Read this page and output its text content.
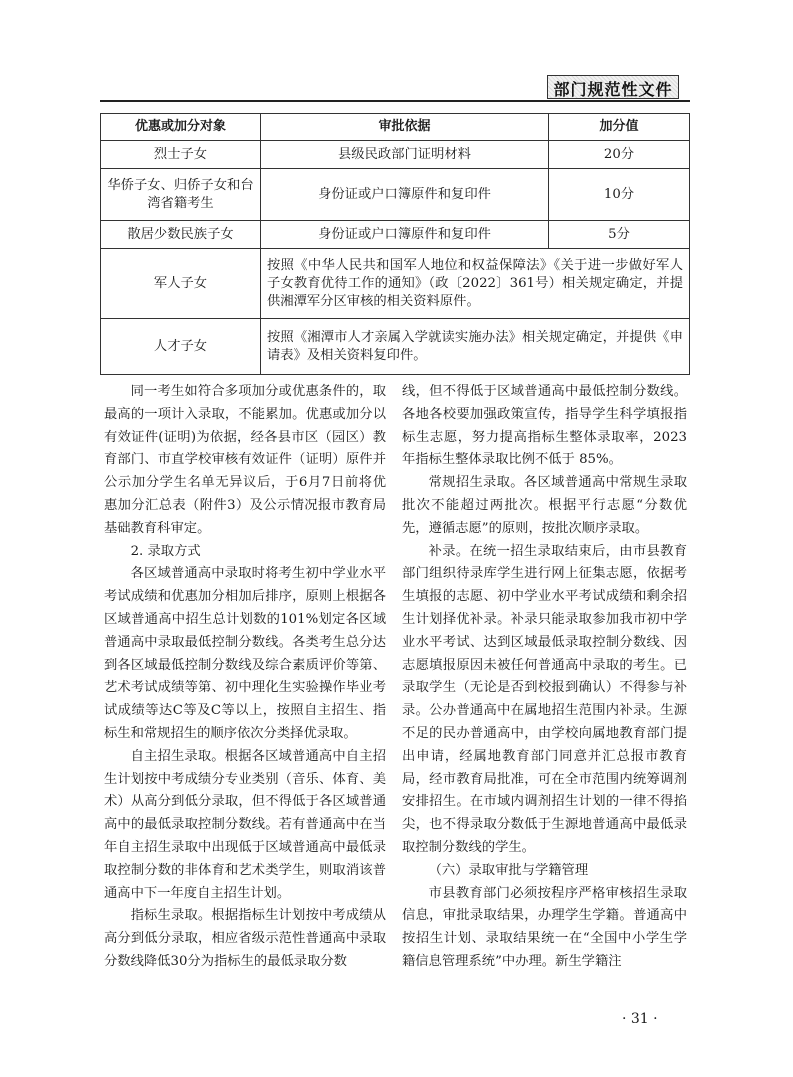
部门规范性文件
优惠或加分对象	审批依据	加分值
烈士子女	县级民政部门证明材料	20分
华侨子女、归侨子女和台湾省籍考生	身份证或户口簿原件和复印件	10分
散居少数民族子女	身份证或户口簿原件和复印件	5分
军人子女	按照《中华人民共和国军人地位和权益保障法》《关于进一步做好军人子女教育优待工作的通知》（政〔2022〕361号）相关规定确定，并提供湘潭军分区审核的相关资料原件。	
人才子女	按照《湘潭市人才亲属入学就读实施办法》相关规定确定，并提供《申请表》及相关资料复印件。	

同一考生如符合多项加分或优惠条件的，取最高的一项计入录取，不能累加。优惠或加分以有效证件(证明)为依据，经各县市区（园区）教育部门、市直学校审核有效证件（证明）原件并公示加分学生名单无异议后，于6月7日前将优惠加分汇总表（附件3）及公示情况报市教育局基础教育科审定。

2. 录取方式

各区域普通高中录取时将考生初中学业水平考试成绩和优惠加分相加后排序，原则上根据各区域普通高中招生总计划数的101%划定各区域普通高中录取最低控制分数线。各类考生总分达到各区域最低控制分数线及综合素质评价等第、艺术考试成绩等第、初中理化生实验操作毕业考试成绩等达C等及C等以上，按照自主招生、指标生和常规招生的顺序依次分类择优录取。

自主招生录取。根据各区域普通高中自主招生计划按中考成绩分专业类别（音乐、体育、美术）从高分到低分录取，但不得低于各区域普通高中的最低录取控制分数线。若有普通高中在当年自主招生录取中出现低于区域普通高中最低录取控制分数的非体育和艺术类学生，则取消该普通高中下一年度自主招生计划。

指标生录取。根据指标生计划按中考成绩从高分到低分录取，相应省级示范性普通高中录取分数线降低30分为指标生的最低录取分数

线，但不得低于区域普通高中最低控制分数线。各地各校要加强政策宣传，指导学生科学填报指标生志愿，努力提高指标生整体录取率，2023年指标生整体录取比例不低于 85%。

常规招生录取。各区域普通高中常规生录取批次不能超过两批次。根据平行志愿“分数优先，遵循志愿”的原则，按批次顺序录取。

补录。在统一招生录取结束后，由市县教育部门组织待录库学生进行网上征集志愿，依据考生填报的志愿、初中学业水平考试成绩和剩余招生计划择优补录。补录只能录取参加我市初中学业水平考试、达到区域最低录取控制分数线、因志愿填报原因未被任何普通高中录取的考生。已录取学生（无论是否到校报到确认）不得参与补录。公办普通高中在属地招生范围内补录。生源不足的民办普通高中，由学校向属地教育部门提出申请，经属地教育部门同意并汇总报市教育局，经市教育局批准，可在全市范围内统筹调剂安排招生。在市域内调剂招生计划的一律不得掐尖，也不得录取分数低于生源地普通高中最低录取控制分数线的学生。

（六）录取审批与学籍管理

市县教育部门必须按程序严格审核招生录取信息，审批录取结果，办理学生学籍。普通高中按招生计划、录取结果统一在“全国中小学生学籍信息管理系统”中办理。新生学籍注

· 31 ·
